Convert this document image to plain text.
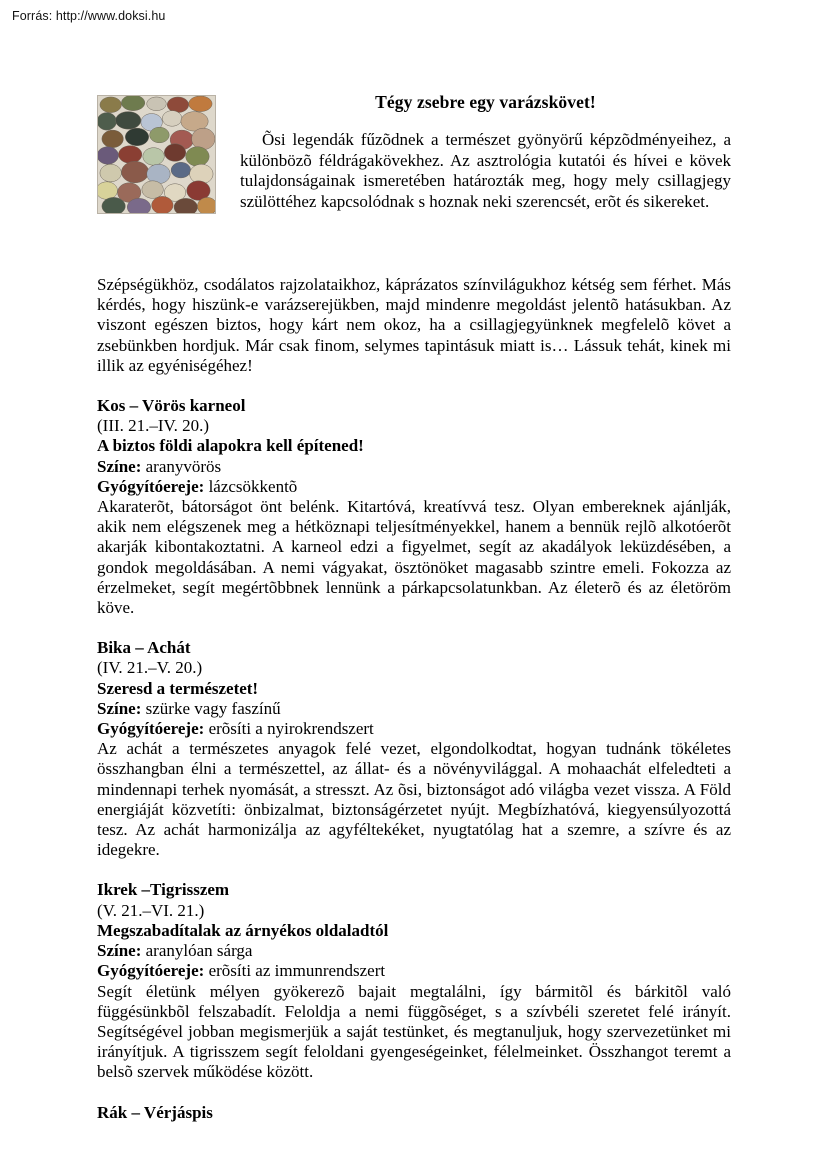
Forrás: http://www.doksi.hu
Tégy zsebre egy varázskövet!

Õsi legendák fűzõdnek a természet gyönyörű képzõdményeihez, a különbözõ féldrágakövekhez. Az asztrológia kutatói és hívei e kövek tulajdonságainak ismeretében határozták meg, hogy mely csillagjegy szülöttéhez kapcsolódnak s hoznak neki szerencsét, erõt és sikereket.

Szépségükhöz, csodálatos rajzolataikhoz, káprázatos színvilágukhoz kétség sem férhet. Más kérdés, hogy hiszünk-e varázserejükben, majd mindenre megoldást jelentõ hatásukban. Az viszont egészen biztos, hogy kárt nem okoz, ha a csillagjegyünknek megfelelõ követ a zsebünkben hordjuk. Már csak finom, selymes tapintásuk miatt is… Lássuk tehát, kinek mi illik az egyéniségéhez!

Kos – Vörös karneol
(III. 21.–IV. 20.)
A biztos földi alapokra kell építened!
Színe: aranyvörös
Gyógyítóereje: lázcsökkentõ

Akaraterõt, bátorságot önt belénk. Kitartóvá, kreatívvá tesz. Olyan embereknek ajánlják, akik nem elégszenek meg a hétköznapi teljesítményekkel, hanem a bennük rejlõ alkotóerõt akarják kibontakoztatni. A karneol edzi a figyelmet, segít az akadályok leküzdésében, a gondok megoldásában. A nemi vágyakat, ösztönöket magasabb szintre emeli. Fokozza az érzelmeket, segít megértõbbnek lennünk a párkapcsolatunkban. Az életerõ és az életöröm köve.

Bika – Achát
(IV. 21.–V. 20.)
Szeresd a természetet!
Színe: szürke vagy faszínű
Gyógyítóereje: erõsíti a nyirokrendszert

Az achát a természetes anyagok felé vezet, elgondolkodtat, hogyan tudnánk tökéletes összhangban élni a természettel, az állat- és a növényvilággal. A mohaachát elfeledteti a mindennapi terhek nyomását, a stresszt. Az õsi, biztonságot adó világba vezet vissza. A Föld energiáját közvetíti: önbizalmat, biztonságérzetet nyújt. Megbízhatóvá, kiegyensúlyozottá tesz. Az achát harmonizálja az agyféltekéket, nyugtatólag hat a szemre, a szívre és az idegekre.

Ikrek –Tigrisszem
(V. 21.–VI. 21.)
Megszabadítalak az árnyékos oldaladtól
Színe: aranylóan sárga
Gyógyítóereje: erõsíti az immunrendszert

Segít életünk mélyen gyökerezõ bajait megtalálni, így bármitõl és bárkitõl való függésünkbõl felszabadít. Feloldja a nemi függõséget, s a szívbéli szeretet felé irányít. Segítségével jobban megismerjük a saját testünket, és megtanuljuk, hogy szervezetünket mi irányítjuk. A tigrisszem segít feloldani gyengeségeinket, félelmeinket. Összhangot teremt a belsõ szervek működése között.

Rák – Vérjáspis
